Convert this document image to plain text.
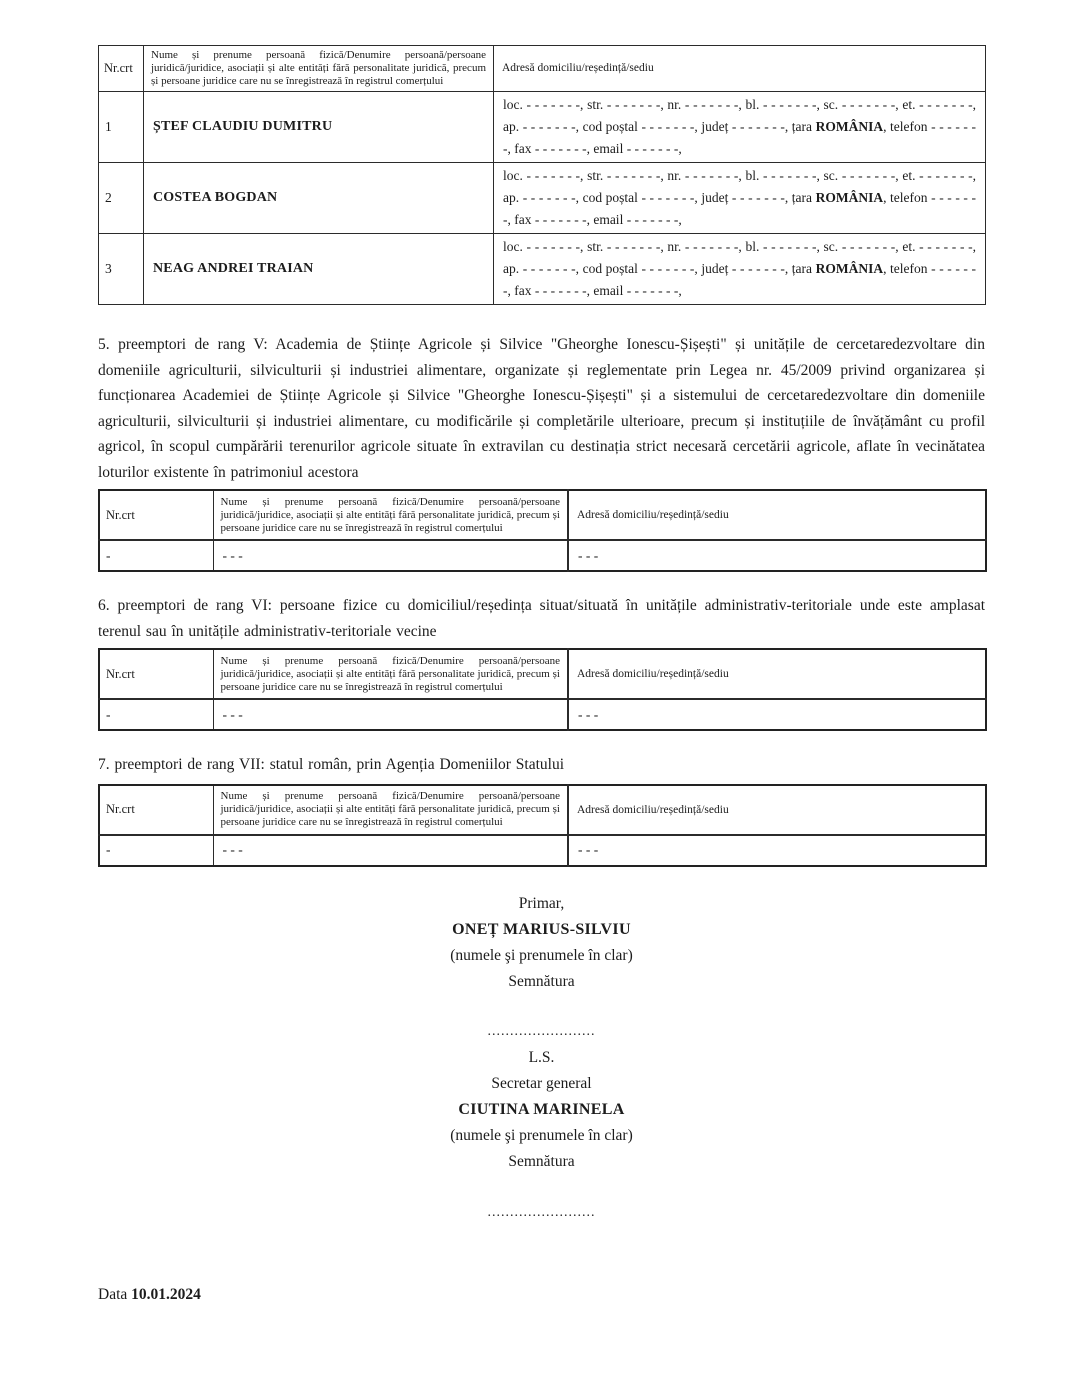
Nr.crt	Nume și prenume persoană fizică/Denumire persoană/persoane juridică/juridice, asociații și alte entități fără personalitate juridică, precum și persoane juridice care nu se înregistrează în registrul comerțului	Adresă domiciliu/reședință/sediu
1	ȘTEF CLAUDIU DUMITRU	loc. - - - - - - -, str. - - - - - - -, nr. - - - - - - -, bl. - - - - - - -, sc. - - - - - - -, et. - - - - - - -, ap. - - - - - - -, cod poștal - - - - - - -, județ - - - - - - -, țara ROMÂNIA, telefon - - - - - - -, fax - - - - - - -, email - - - - - - -,
2	COSTEA BOGDAN	loc. - - - - - - -, str. - - - - - - -, nr. - - - - - - -, bl. - - - - - - -, sc. - - - - - - -, et. - - - - - - -, ap. - - - - - - -, cod poștal - - - - - - -, județ - - - - - - -, țara ROMÂNIA, telefon - - - - - - -, fax - - - - - - -, email - - - - - - -,
3	NEAG ANDREI TRAIAN	loc. - - - - - - -, str. - - - - - - -, nr. - - - - - - -, bl. - - - - - - -, sc. - - - - - - -, et. - - - - - - -, ap. - - - - - - -, cod poștal - - - - - - -, județ - - - - - - -, țara ROMÂNIA, telefon - - - - - - -, fax - - - - - - -, email - - - - - - -,

5. preemptori de rang V: Academia de Științe Agricole și Silvice "Gheorghe Ionescu-Șișești" și unitățile de cercetaredezvoltare din domeniile agriculturii, silviculturii și industriei alimentare, organizate și reglementate prin Legea nr. 45/2009 privind organizarea și funcționarea Academiei de Științe Agricole și Silvice "Gheorghe Ionescu-Șișești" și a sistemului de cercetaredezvoltare din domeniile agriculturii, silviculturii și industriei alimentare, cu modificările și completările ulterioare, precum și instituțiile de învățământ cu profil agricol, în scopul cumpărării terenurilor agricole situate în extravilan cu destinația strict necesară cercetării agricole, aflate în vecinătatea loturilor existente în patrimoniul acestora

Nr.crt	Nume și prenume persoană fizică/Denumire persoană/persoane juridică/juridice, asociații și alte entități fără personalitate juridică, precum și persoane juridice care nu se înregistrează în registrul comerțului	Adresă domiciliu/reședință/sediu
-	- - -	- - -

6. preemptori de rang VI: persoane fizice cu domiciliul/reședința situat/situată în unitățile administrativ-teritoriale unde este amplasat terenul sau în unitățile administrativ-teritoriale vecine

Nr.crt	Nume și prenume persoană fizică/Denumire persoană/persoane juridică/juridice, asociații și alte entități fără personalitate juridică, precum și persoane juridice care nu se înregistrează în registrul comerțului	Adresă domiciliu/reședință/sediu
-	- - -	- - -

7. preemptori de rang VII: statul român, prin Agenția Domeniilor Statului

Nr.crt	Nume și prenume persoană fizică/Denumire persoană/persoane juridică/juridice, asociații și alte entități fără personalitate juridică, precum și persoane juridice care nu se înregistrează în registrul comerțului	Adresă domiciliu/reședință/sediu
-	- - -	- - -
Primar,
ONEȚ MARIUS-SILVIU
(numele şi prenumele în clar)
Semnătura
........................
L.S.
Secretar general
CIUTINA MARINELA
(numele şi prenumele în clar)
Semnătura
........................
Data 10.01.2024
